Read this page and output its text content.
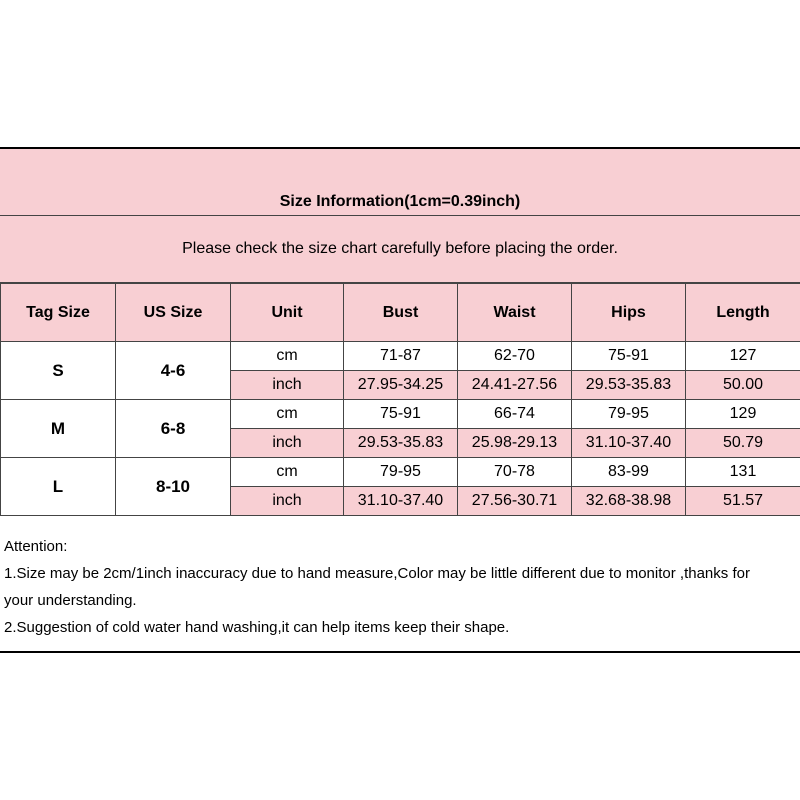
Size Information(1cm=0.39inch)
Please check the size chart carefully before placing the order.
Tag Size	US Size	Unit	Bust	Waist	Hips	Length
S	4-6	cm	71-87	62-70	75-91	127
		inch	27.95-34.25	24.41-27.56	29.53-35.83	50.00
M	6-8	cm	75-91	66-74	79-95	129
		inch	29.53-35.83	25.98-29.13	31.10-37.40	50.79
L	8-10	cm	79-95	70-78	83-99	131
		inch	31.10-37.40	27.56-30.71	32.68-38.98	51.57
Attention:
1.Size may be 2cm/1inch inaccuracy due to hand measure,Color may be little different due to monitor ,thanks for
your understanding.
2.Suggestion of cold water hand washing,it can help items keep their shape.
